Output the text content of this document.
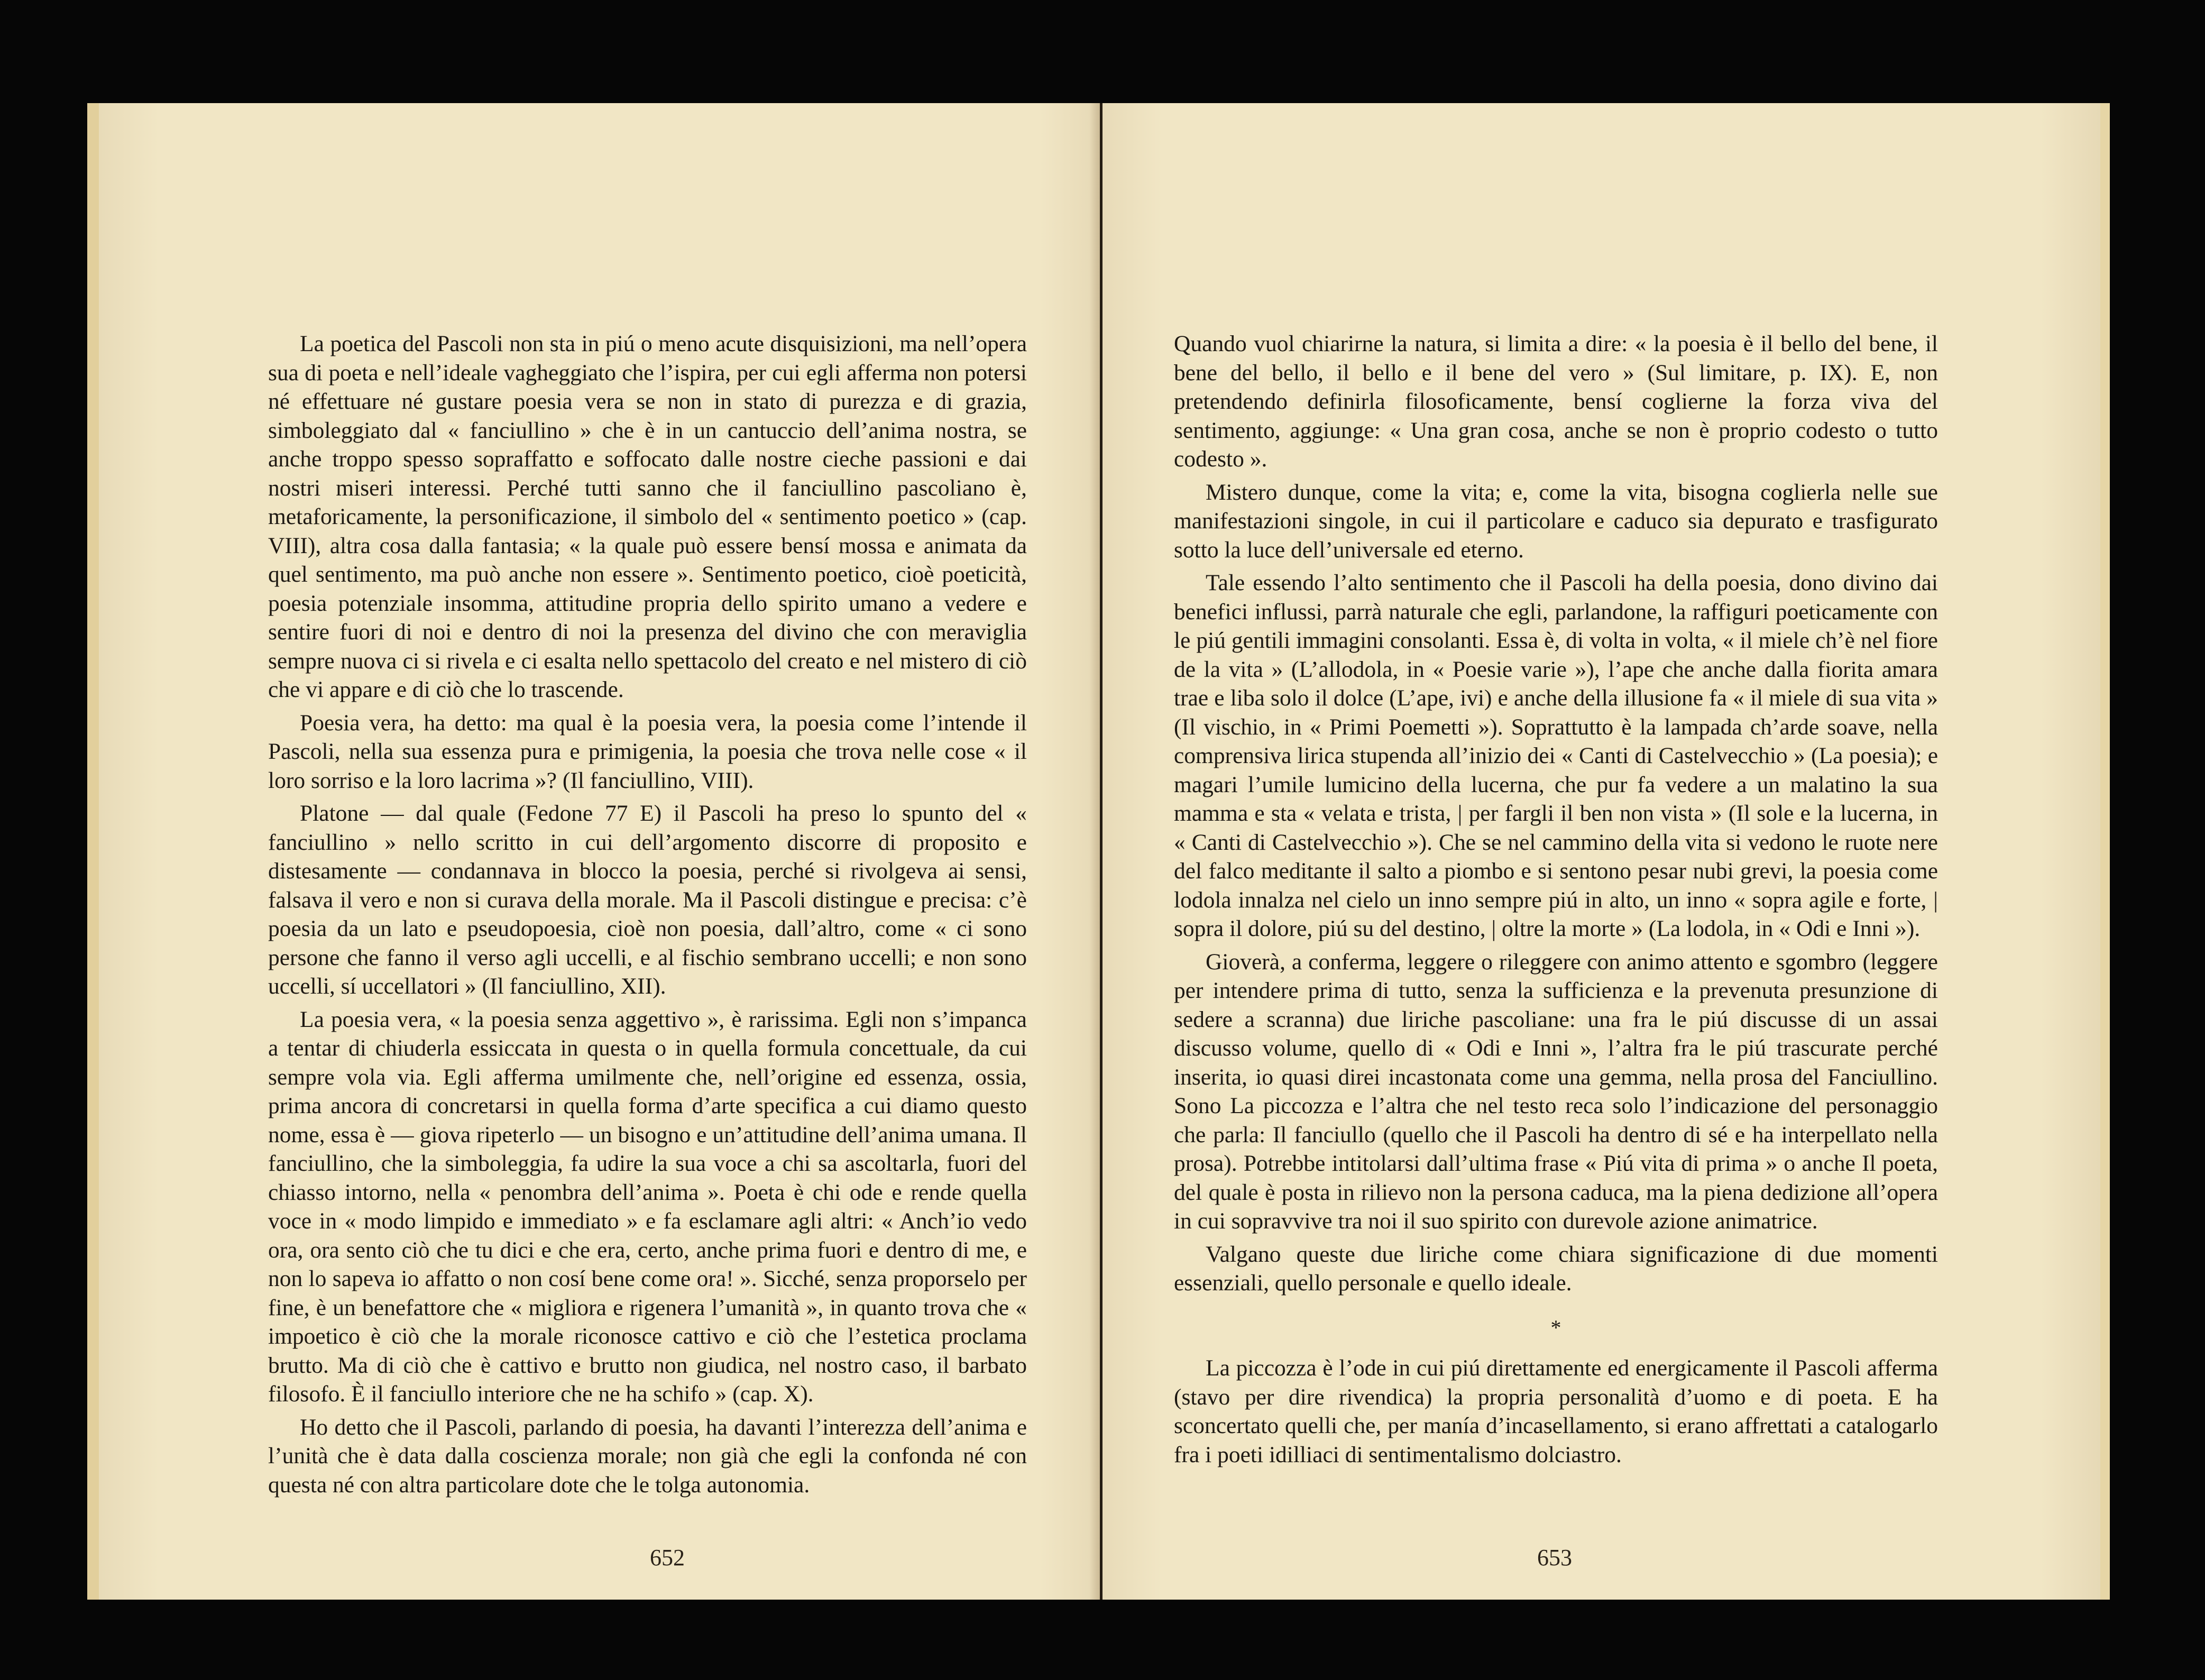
La poetica del Pascoli non sta in piú o meno acute disquisizioni, ma nell’opera sua di poeta e nell’ideale vagheggiato che l’ispira, per cui egli afferma non potersi né effettuare né gustare poesia vera se non in stato di purezza e di grazia, simboleggiato dal « fanciullino » che è in un cantuccio dell’anima nostra, se anche troppo spesso sopraffatto e soffocato dalle nostre cieche passioni e dai nostri miseri interessi. Perché tutti sanno che il fanciullino pascoliano è, metaforicamente, la personificazione, il simbolo del « sentimento poetico » (cap. VIII), altra cosa dalla fantasia; « la quale può essere bensí mossa e animata da quel sentimento, ma può anche non essere ». Sentimento poetico, cioè poeticità, poesia potenziale insomma, attitudine propria dello spirito umano a vedere e sentire fuori di noi e dentro di noi la presenza del divino che con meraviglia sempre nuova ci si rivela e ci esalta nello spettacolo del creato e nel mistero di ciò che vi appare e di ciò che lo trascende.

Poesia vera, ha detto: ma qual è la poesia vera, la poesia come l’intende il Pascoli, nella sua essenza pura e primigenia, la poesia che trova nelle cose « il loro sorriso e la loro lacrima »? (Il fanciullino, VIII).

Platone — dal quale (Fedone 77 E) il Pascoli ha preso lo spunto del « fanciullino » nello scritto in cui dell’argomento discorre di proposito e distesamente — condannava in blocco la poesia, perché si rivolgeva ai sensi, falsava il vero e non si curava della morale. Ma il Pascoli distingue e precisa: c’è poesia da un lato e pseudopoesia, cioè non poesia, dall’altro, come « ci sono persone che fanno il verso agli uccelli, e al fischio sembrano uccelli; e non sono uccelli, sí uccellatori » (Il fanciullino, XII).

La poesia vera, « la poesia senza aggettivo », è rarissima. Egli non s’impanca a tentar di chiuderla essiccata in questa o in quella formula concettuale, da cui sempre vola via. Egli afferma umilmente che, nell’origine ed essenza, ossia, prima ancora di concretarsi in quella forma d’arte specifica a cui diamo questo nome, essa è — giova ripeterlo — un bisogno e un’attitudine dell’anima umana. Il fanciullino, che la simboleggia, fa udire la sua voce a chi sa ascoltarla, fuori del chiasso intorno, nella « penombra dell’anima ». Poeta è chi ode e rende quella voce in « modo limpido e immediato » e fa esclamare agli altri: « Anch’io vedo ora, ora sento ciò che tu dici e che era, certo, anche prima fuori e dentro di me, e non lo sapeva io affatto o non cosí bene come ora! ». Sicché, senza proporselo per fine, è un benefattore che « migliora e rigenera l’umanità », in quanto trova che « impoetico è ciò che la morale riconosce cattivo e ciò che l’estetica proclama brutto. Ma di ciò che è cattivo e brutto non giudica, nel nostro caso, il barbato filosofo. È il fanciullo interiore che ne ha schifo » (cap. X).

Ho detto che il Pascoli, parlando di poesia, ha davanti l’interezza dell’anima e l’unità che è data dalla coscienza morale; non già che egli la confonda né con questa né con altra particolare dote che le tolga autonomia.

652

Quando vuol chiarirne la natura, si limita a dire: « la poesia è il bello del bene, il bene del bello, il bello e il bene del vero » (Sul limitare, p. IX). E, non pretendendo definirla filosoficamente, bensí coglierne la forza viva del sentimento, aggiunge: « Una gran cosa, anche se non è proprio codesto o tutto codesto ».

Mistero dunque, come la vita; e, come la vita, bisogna coglierla nelle sue manifestazioni singole, in cui il particolare e caduco sia depurato e trasfigurato sotto la luce dell’universale ed eterno.

Tale essendo l’alto sentimento che il Pascoli ha della poesia, dono divino dai benefici influssi, parrà naturale che egli, parlandone, la raffiguri poeticamente con le piú gentili immagini consolanti. Essa è, di volta in volta, « il miele ch’è nel fiore de la vita » (L’allodola, in « Poesie varie »), l’ape che anche dalla fiorita amara trae e liba solo il dolce (L’ape, ivi) e anche della illusione fa « il miele di sua vita » (Il vischio, in « Primi Poemetti »). Soprattutto è la lampada ch’arde soave, nella comprensiva lirica stupenda all’inizio dei « Canti di Castelvecchio » (La poesia); e magari l’umile lumicino della lucerna, che pur fa vedere a un malatino la sua mamma e sta « velata e trista, | per fargli il ben non vista » (Il sole e la lucerna, in « Canti di Castelvecchio »). Che se nel cammino della vita si vedono le ruote nere del falco meditante il salto a piombo e si sentono pesar nubi grevi, la poesia come lodola innalza nel cielo un inno sempre piú in alto, un inno « sopra agile e forte, | sopra il dolore, piú su del destino, | oltre la morte » (La lodola, in « Odi e Inni »).

Gioverà, a conferma, leggere o rileggere con animo attento e sgombro (leggere per intendere prima di tutto, senza la sufficienza e la prevenuta presunzione di sedere a scranna) due liriche pascoliane: una fra le piú discusse di un assai discusso volume, quello di « Odi e Inni », l’altra fra le piú trascurate perché inserita, io quasi direi incastonata come una gemma, nella prosa del Fanciullino. Sono La piccozza e l’altra che nel testo reca solo l’indicazione del personaggio che parla: Il fanciullo (quello che il Pascoli ha dentro di sé e ha interpellato nella prosa). Potrebbe intitolarsi dall’ultima frase « Piú vita di prima » o anche Il poeta, del quale è posta in rilievo non la persona caduca, ma la piena dedizione all’opera in cui sopravvive tra noi il suo spirito con durevole azione animatrice.

Valgano queste due liriche come chiara significazione di due momenti essenziali, quello personale e quello ideale.

*

La piccozza è l’ode in cui piú direttamente ed energicamente il Pascoli afferma (stavo per dire rivendica) la propria personalità d’uomo e di poeta. E ha sconcertato quelli che, per manía d’incasellamento, si erano affrettati a catalogarlo fra i poeti idilliaci di sentimentalismo dolciastro.

653
